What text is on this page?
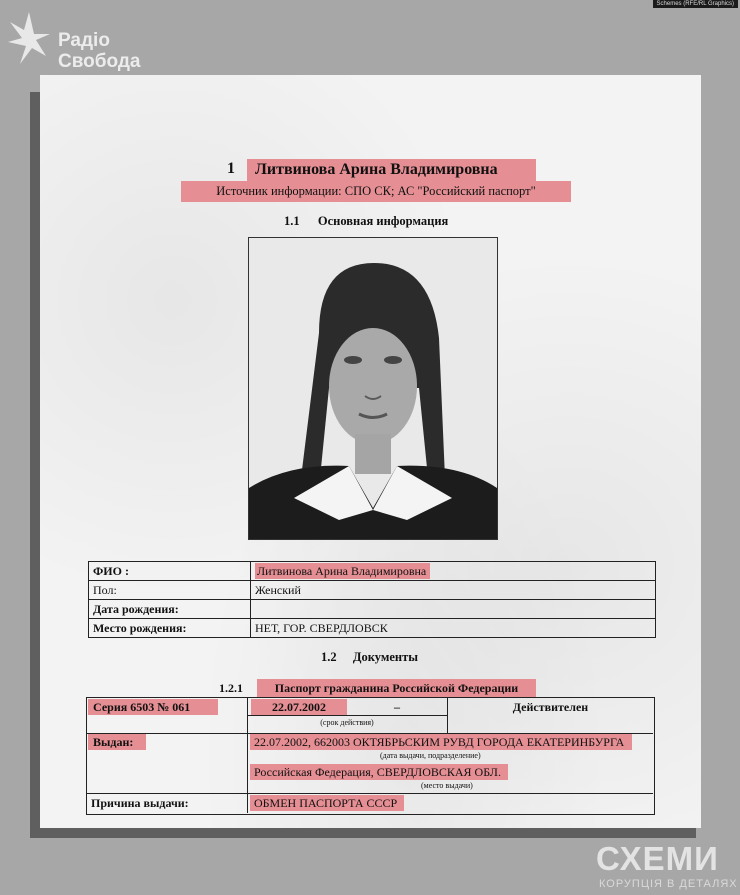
Радіо
Свобода
Schemes (RFE/RL Graphics)
1	Литвинова Арина Владимировна
Источник информации: СПО СК; АС "Российский паспорт"
1.1 Основная информация
ФИО :	Литвинова Арина Владимировна
Пол:	Женский
Дата рождения:	
Место рождения:	НЕТ, ГОР. СВЕРДЛОВСК
1.2 Документы
1.2.1	Паспорт гражданина Российской Федерации
Серия 6503 № 061	22.07.2002	–	Действителен
(срок действия)
Выдан:	22.07.2002, 662003 ОКТЯБРЬСКИМ РУВД ГОРОДА ЕКАТЕРИНБУРГА
(дата выдачи, подразделение)
Российская Федерация, СВЕРДЛОВСКАЯ ОБЛ.
(место выдачи)
Причина выдачи:	ОБМЕН ПАСПОРТА СССР
СХЕМИ
КОРУПЦІЯ В ДЕТАЛЯХ
